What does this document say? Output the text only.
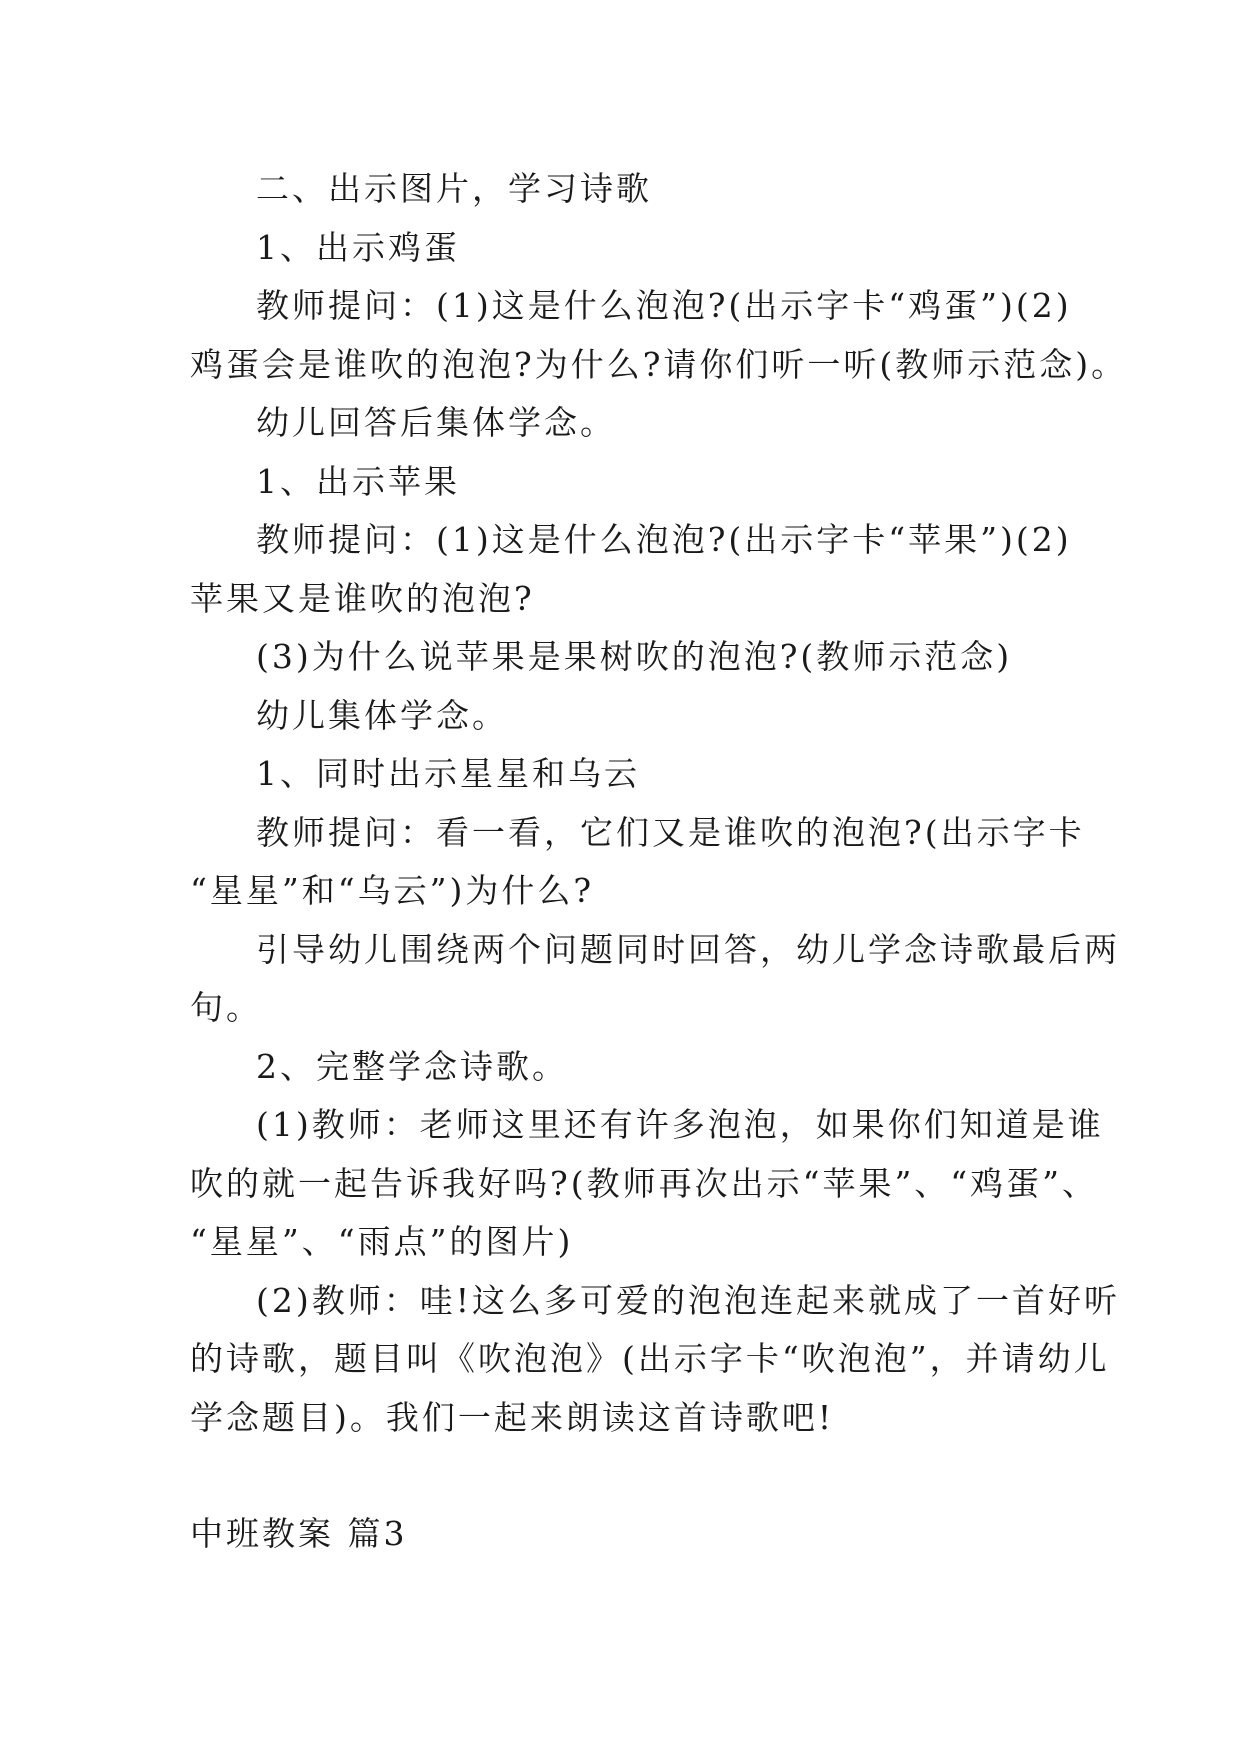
二、出示图片，学习诗歌

1、出示鸡蛋

教师提问：(1)这是什么泡泡?(出示字卡“鸡蛋”)(2)

鸡蛋会是谁吹的泡泡?为什么?请你们听一听(教师示范念)。

幼儿回答后集体学念。

1、出示苹果

教师提问：(1)这是什么泡泡?(出示字卡“苹果”)(2)

苹果又是谁吹的泡泡?

(3)为什么说苹果是果树吹的泡泡?(教师示范念)

幼儿集体学念。

1、同时出示星星和乌云

教师提问：看一看，它们又是谁吹的泡泡?(出示字卡

“星星”和“乌云”)为什么?

引导幼儿围绕两个问题同时回答，幼儿学念诗歌最后两

句。

2、完整学念诗歌。

(1)教师：老师这里还有许多泡泡，如果你们知道是谁

吹的就一起告诉我好吗?(教师再次出示“苹果”、“鸡蛋”、

“星星”、“雨点”的图片)

(2)教师：哇!这么多可爱的泡泡连起来就成了一首好听

的诗歌，题目叫《吹泡泡》(出示字卡“吹泡泡”，并请幼儿

学念题目)。我们一起来朗读这首诗歌吧!

中班教案 篇3
